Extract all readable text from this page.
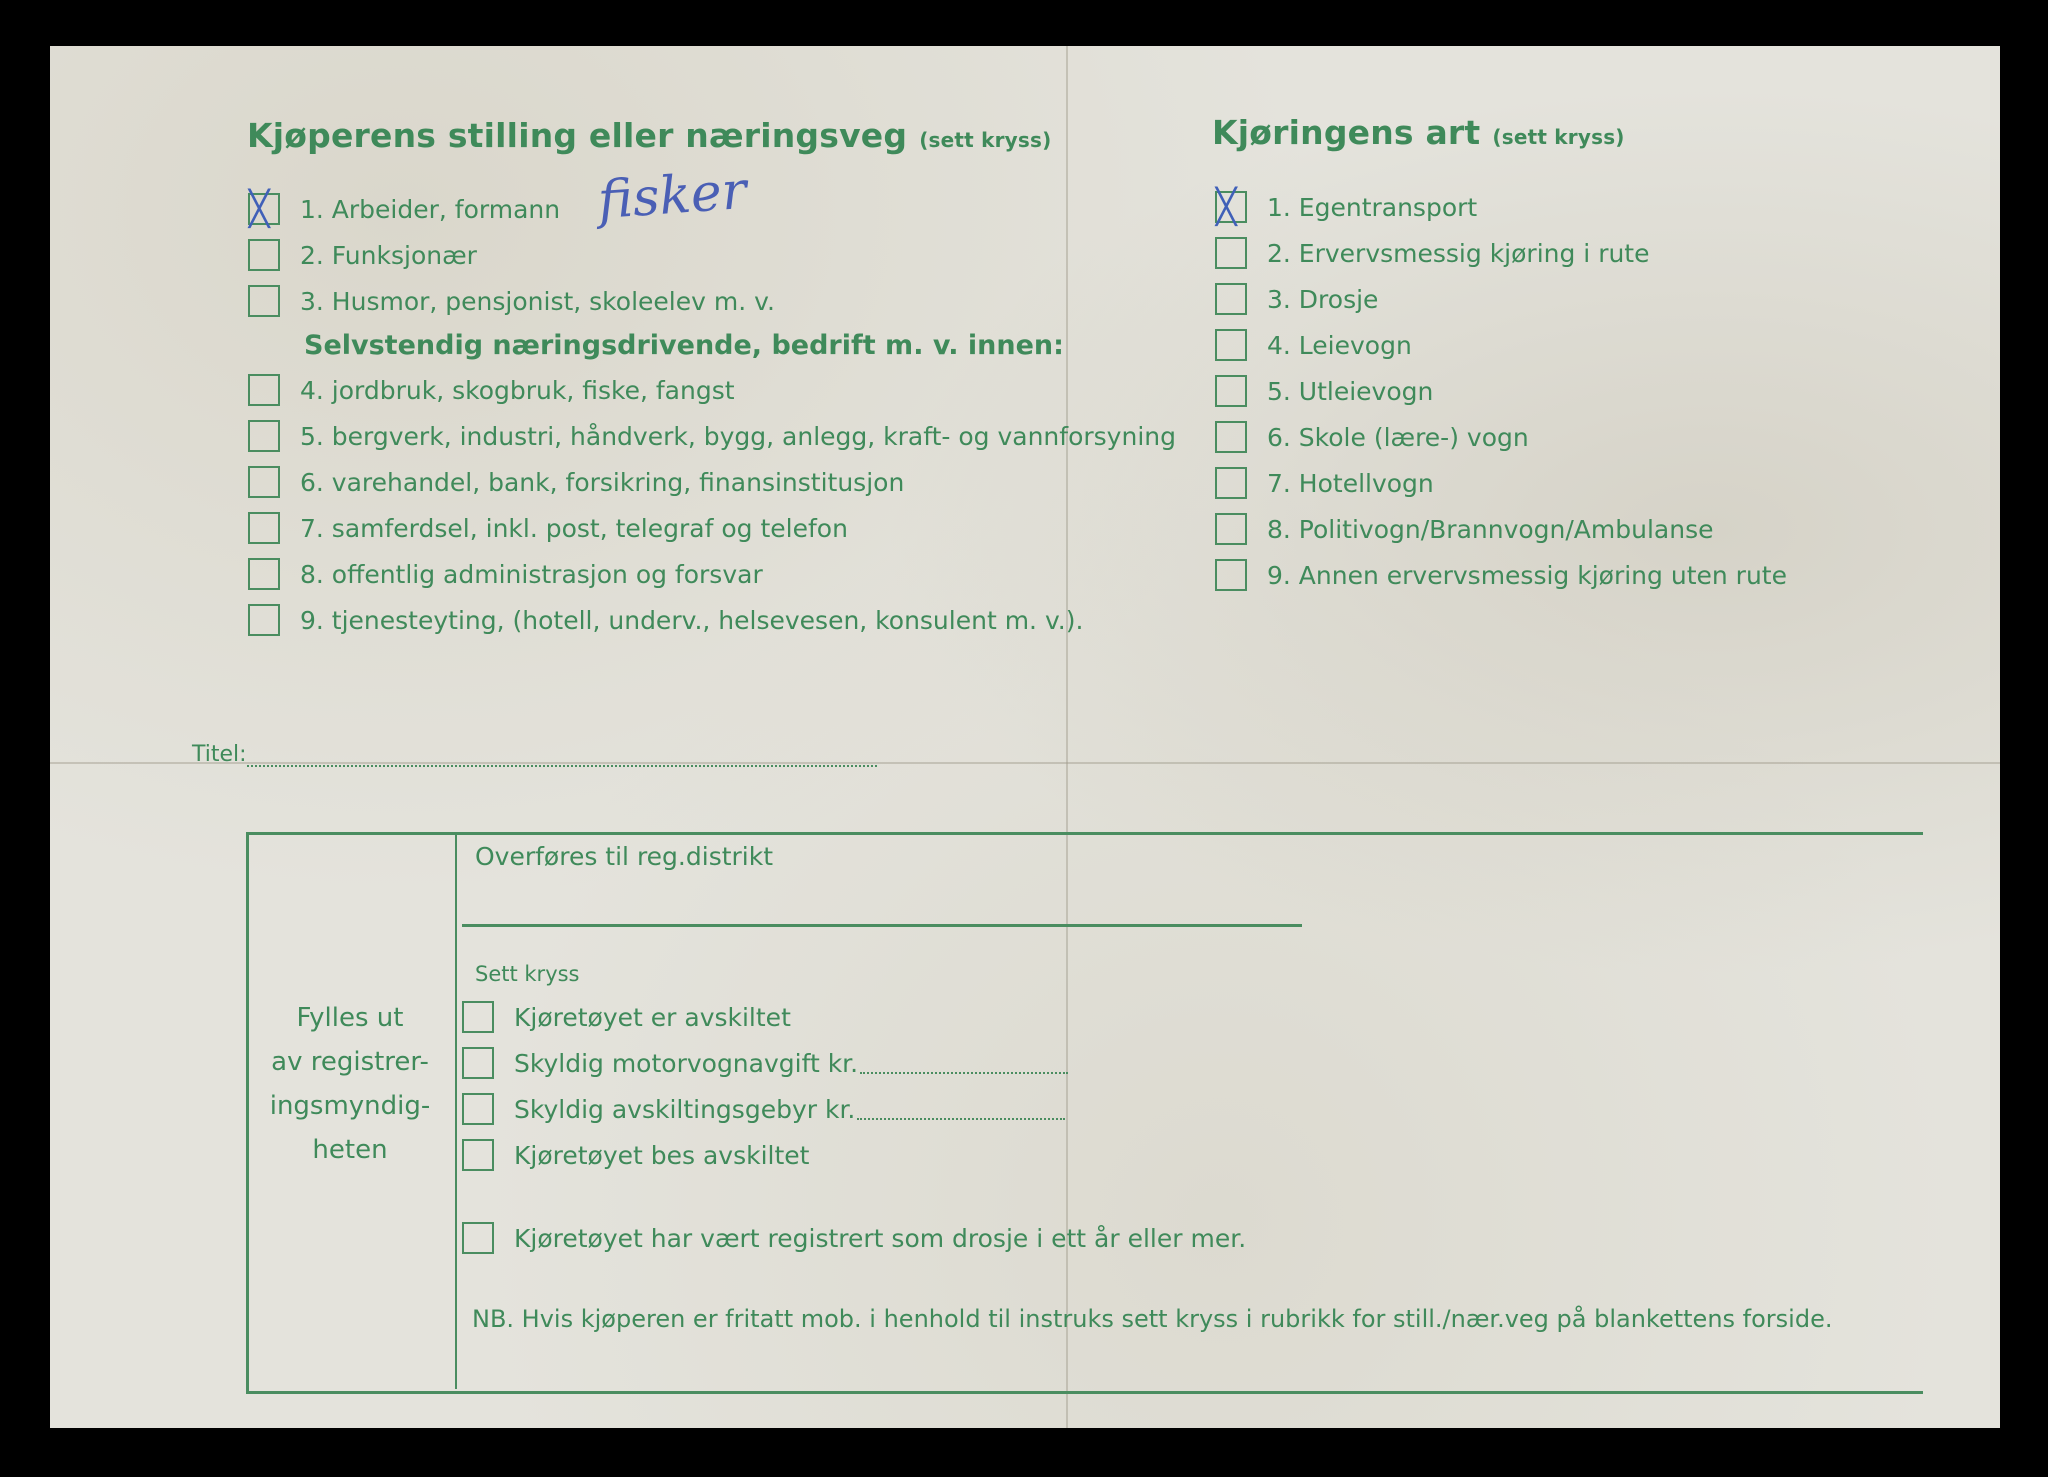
Kjøperens stilling eller næringsveg (sett kryss)
fisker
╳ 1. Arbeider, formann
2. Funksjonær
3. Husmor, pensjonist, skoleelev m. v.
Selvstendig næringsdrivende, bedrift m. v. innen:
4. jordbruk, skogbruk, fiske, fangst
5. bergverk, industri, håndverk, bygg, anlegg, kraft- og vannforsyning
6. varehandel, bank, forsikring, finansinstitusjon
7. samferdsel, inkl. post, telegraf og telefon
8. offentlig administrasjon og forsvar
9. tjenesteyting, (hotell, underv., helsevesen, konsulent m. v.).
Titel:
Kjøringens art (sett kryss)
╳ 1. Egentransport
2. Ervervsmessig kjøring i rute
3. Drosje
4. Leievogn
5. Utleievogn
6. Skole (lære-) vogn
7. Hotellvogn
8. Politivogn/Brannvogn/Ambulanse
9. Annen ervervsmessig kjøring uten rute
Fylles ut
av registrer-
ingsmyndig-
heten
Overføres til reg.distrikt
Sett kryss
Kjøretøyet er avskiltet
Skyldig motorvognavgift kr.
Skyldig avskiltingsgebyr kr.
Kjøretøyet bes avskiltet
Kjøretøyet har vært registrert som drosje i ett år eller mer.
NB. Hvis kjøperen er fritatt mob. i henhold til instruks sett kryss i rubrikk for still./nær.veg på blankettens forside.
